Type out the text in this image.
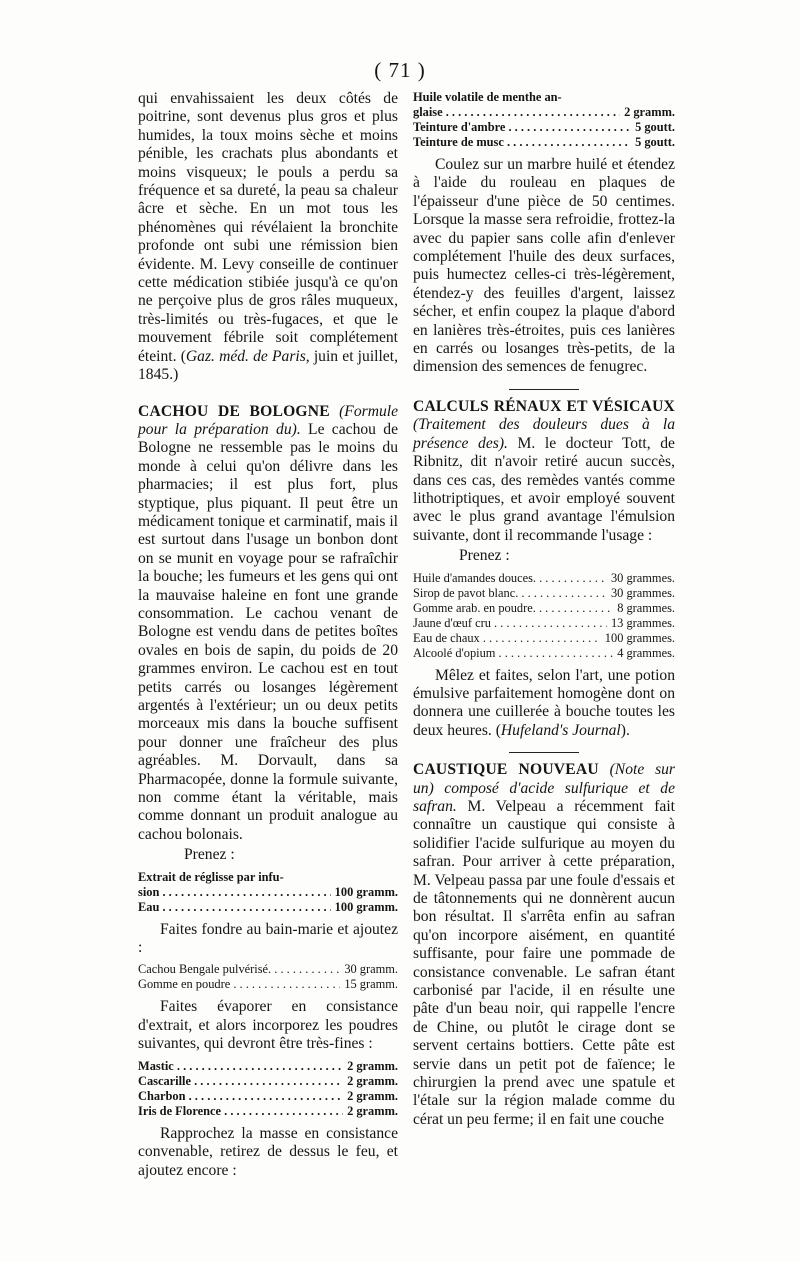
( 71 )

qui envahissaient les deux côtés de poitrine, sont devenus plus gros et plus humides, la toux moins sèche et moins pénible, les crachats plus abondants et moins visqueux; le pouls a perdu sa fréquence et sa dureté, la peau sa chaleur âcre et sèche. En un mot tous les phénomènes qui révélaient la bronchite profonde ont subi une rémission bien évidente. M. Levy conseille de continuer cette médication stibiée jusqu'à ce qu'on ne perçoive plus de gros râles muqueux, très-limités ou très-fugaces, et que le mouvement fébrile soit complétement éteint. (Gaz. méd. de Paris, juin et juillet, 1845.)

CACHOU DE BOLOGNE (Formule pour la préparation du). Le cachou de Bologne ne ressemble pas le moins du monde à celui qu'on délivre dans les pharmacies; il est plus fort, plus styptique, plus piquant. Il peut être un médicament tonique et carminatif, mais il est surtout dans l'usage un bonbon dont on se munit en voyage pour se rafraîchir la bouche; les fumeurs et les gens qui ont la mauvaise haleine en font une grande consommation. Le cachou venant de Bologne est vendu dans de petites boîtes ovales en bois de sapin, du poids de 20 grammes environ. Le cachou est en tout petits carrés ou losanges légèrement argentés à l'extérieur; un ou deux petits morceaux mis dans la bouche suffisent pour donner une fraîcheur des plus agréables. M. Dorvault, dans sa Pharmacopée, donne la formule suivante, non comme étant la véritable, mais comme donnant un produit analogue au cachou bolonais.

Prenez :

Extrait de réglisse par infu-
sion . . .	100 gramm.
Eau . . .	100 gramm.

Faites fondre au bain-marie et ajoutez :

Cachou Bengale pulvérisé. . . .	30 gramm.
Gomme en poudre . . .	15 gramm.

Faites évaporer en consistance d'extrait, et alors incorporez les poudres suivantes, qui devront être très-fines :

Mastic . . .	2 gramm.
Cascarille . . .	2 gramm.
Charbon . . .	2 gramm.
Iris de Florence . . .	2 gramm.

Rapprochez la masse en consistance convenable, retirez de dessus le feu, et ajoutez encore :

Huile volatile de menthe an-
glaise . . .	2 gramm.
Teinture d'ambre . . .	5 goutt.
Teinture de musc . . .	5 goutt.

Coulez sur un marbre huilé et étendez à l'aide du rouleau en plaques de l'épaisseur d'une pièce de 50 centimes. Lorsque la masse sera refroidie, frottez-la avec du papier sans colle afin d'enlever complétement l'huile des deux surfaces, puis humectez celles-ci très-légèrement, étendez-y des feuilles d'argent, laissez sécher, et enfin coupez la plaque d'abord en lanières très-étroites, puis ces lanières en carrés ou losanges très-petits, de la dimension des semences de fenugrec.

CALCULS RÉNAUX ET VÉSICAUX (Traitement des douleurs dues à la présence des). M. le docteur Tott, de Ribnitz, dit n'avoir retiré aucun succès, dans ces cas, des remèdes vantés comme lithotriptiques, et avoir employé souvent avec le plus grand avantage l'émulsion suivante, dont il recommande l'usage :

Prenez :

Huile d'amandes douces. . . .	30 grammes.
Sirop de pavot blanc. . . .	30 grammes.
Gomme arab. en poudre. . . .	8 grammes.
Jaune d'œuf cru . . .	13 grammes.
Eau de chaux . . .	100 grammes.
Alcoolé d'opium . . .	4 grammes.

Mêlez et faites, selon l'art, une potion émulsive parfaitement homogène dont on donnera une cuillerée à bouche toutes les deux heures. (Hufeland's Journal).

CAUSTIQUE NOUVEAU (Note sur un) composé d'acide sulfurique et de safran. M. Velpeau a récemment fait connaître un caustique qui consiste à solidifier l'acide sulfurique au moyen du safran. Pour arriver à cette préparation, M. Velpeau passa par une foule d'essais et de tâtonnements qui ne donnèrent aucun bon résultat. Il s'arrêta enfin au safran qu'on incorpore aisément, en quantité suffisante, pour faire une pommade de consistance convenable. Le safran étant carbonisé par l'acide, il en résulte une pâte d'un beau noir, qui rappelle l'encre de Chine, ou plutôt le cirage dont se servent certains bottiers. Cette pâte est servie dans un petit pot de faïence; le chirurgien la prend avec une spatule et l'étale sur la région malade comme du cérat un peu ferme; il en fait une couche
